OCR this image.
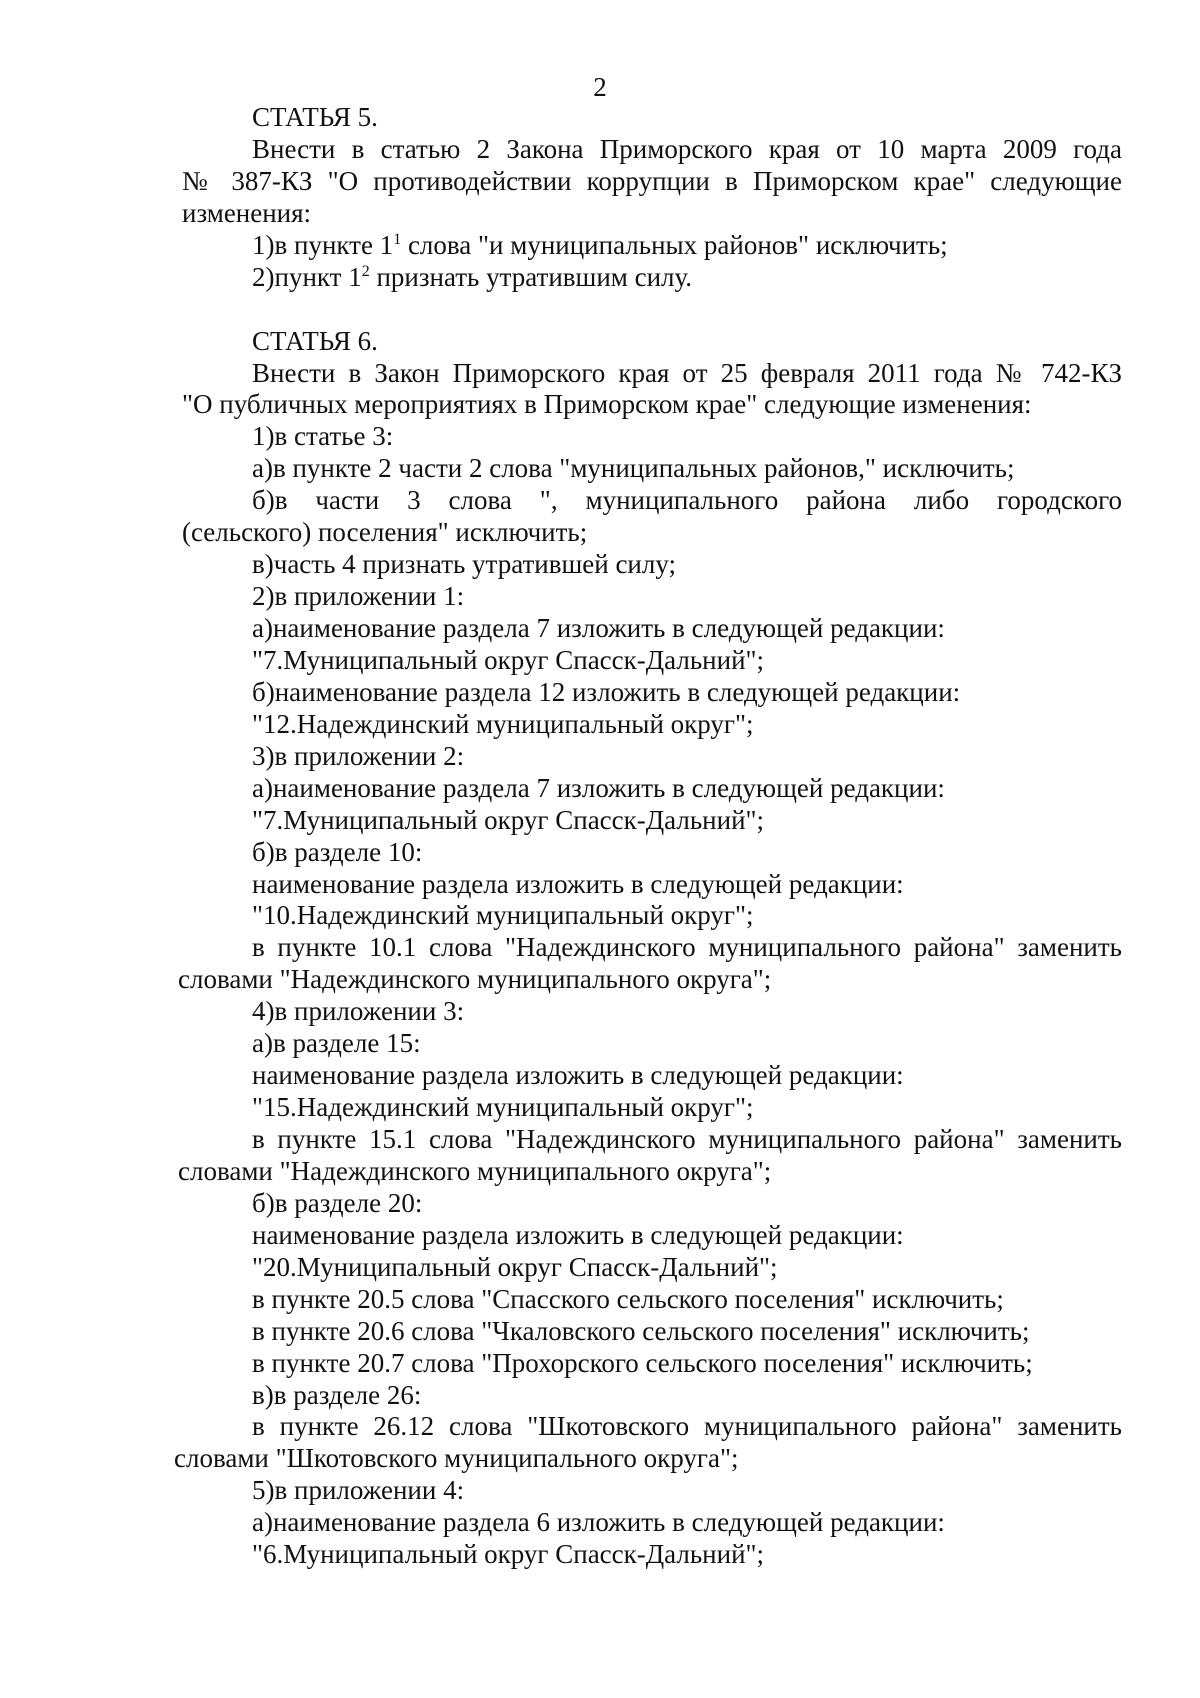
2
СТАТЬЯ 5.
Внести в статью 2 Закона Приморского края от 10 марта 2009 года
№ 387-КЗ "О противодействии коррупции в Приморском крае" следующие
изменения:
1)в пункте $1^1$ слова "и муниципальных районов" исключить;
2)пункт $1^2$ признать утратившим силу.
СТАТЬЯ 6.
Внести в Закон Приморского края от 25 февраля 2011 года № 742-КЗ
"О публичных мероприятиях в Приморском крае" следующие изменения:
1)в статье 3:
а)в пункте 2 части 2 слова "муниципальных районов," исключить;
б)в части 3 слова ", муниципального района либо городского
(сельского) поселения" исключить;
в)часть 4 признать утратившей силу;
2)в приложении 1:
а)наименование раздела 7 изложить в следующей редакции:
"7.Муниципальный округ Спасск-Дальний";
б)наименование раздела 12 изложить в следующей редакции:
"12.Надеждинский муниципальный округ";
3)в приложении 2:
а)наименование раздела 7 изложить в следующей редакции:
"7.Муниципальный округ Спасск-Дальний";
б)в разделе 10:
наименование раздела изложить в следующей редакции:
"10.Надеждинский муниципальный округ";
в пункте 10.1 слова "Надеждинского муниципального района" заменить
словами "Надеждинского муниципального округа";
4)в приложении 3:
а)в разделе 15:
наименование раздела изложить в следующей редакции:
"15.Надеждинский муниципальный округ";
в пункте 15.1 слова "Надеждинского муниципального района" заменить
словами "Надеждинского муниципального округа";
б)в разделе 20:
наименование раздела изложить в следующей редакции:
"20.Муниципальный округ Спасск-Дальний";
в пункте 20.5 слова "Спасского сельского поселения" исключить;
в пункте 20.6 слова "Чкаловского сельского поселения" исключить;
в пункте 20.7 слова "Прохорского сельского поселения" исключить;
в)в разделе 26:
в пункте 26.12 слова "Шкотовского муниципального района" заменить
словами "Шкотовского муниципального округа";
5)в приложении 4:
а)наименование раздела 6 изложить в следующей редакции:
"6.Муниципальный округ Спасск-Дальний";
